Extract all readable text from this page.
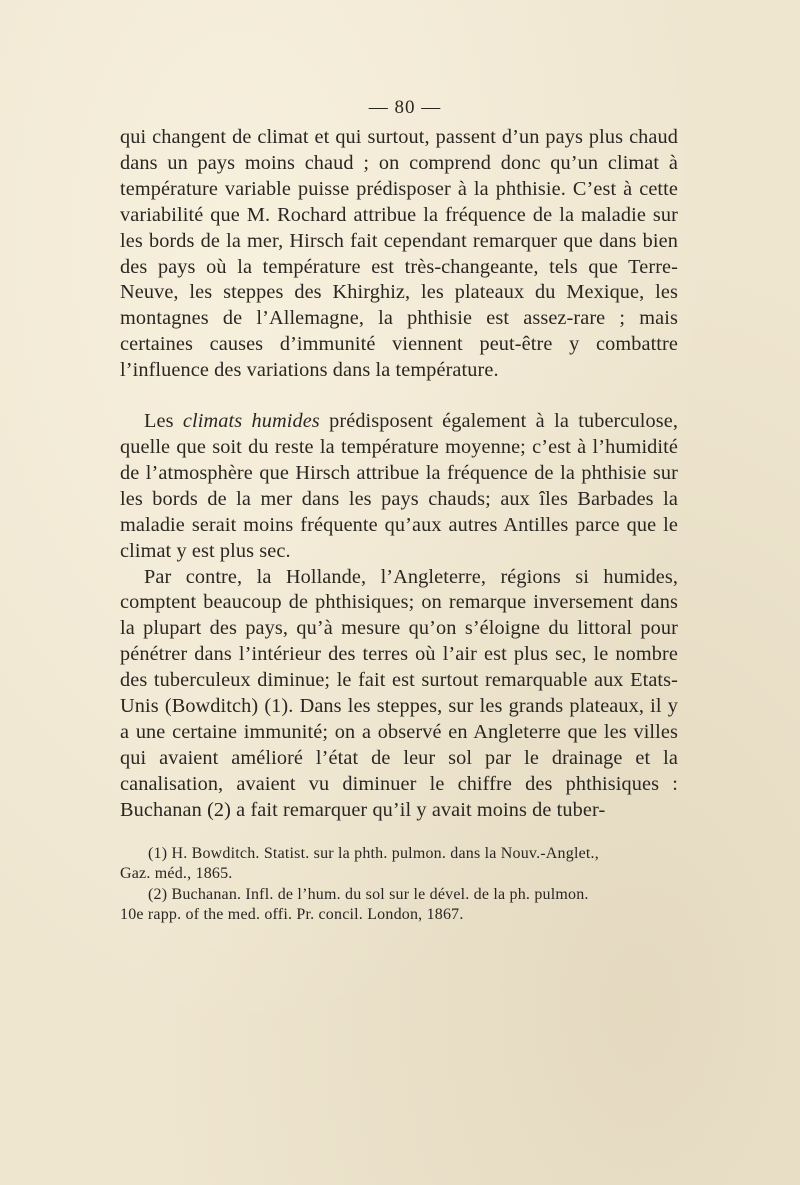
— 80 —

qui changent de climat et qui surtout, passent d’un pays plus chaud dans un pays moins chaud ; on comprend donc qu’un climat à température variable puisse prédisposer à la phthisie. C’est à cette variabilité que M. Rochard attribue la fréquence de la maladie sur les bords de la mer, Hirsch fait cependant remarquer que dans bien des pays où la température est très-changeante, tels que Terre-Neuve, les steppes des Khirghiz, les plateaux du Mexique, les montagnes de l’Allemagne, la phthisie est assez-rare ; mais certaines causes d’immunité viennent peut-être y combattre l’influence des variations dans la température.

Les climats humides prédisposent également à la tuberculose, quelle que soit du reste la température moyenne; c’est à l’humidité de l’atmosphère que Hirsch attribue la fréquence de la phthisie sur les bords de la mer dans les pays chauds; aux îles Barbades la maladie serait moins fréquente qu’aux autres Antilles parce que le climat y est plus sec.

Par contre, la Hollande, l’Angleterre, régions si humides, comptent beaucoup de phthisiques; on remarque inversement dans la plupart des pays, qu’à mesure qu’on s’éloigne du littoral pour pénétrer dans l’intérieur des terres où l’air est plus sec, le nombre des tuberculeux diminue; le fait est surtout remarquable aux Etats-Unis (Bowditch) (1). Dans les steppes, sur les grands plateaux, il y a une certaine immunité; on a observé en Angleterre que les villes qui avaient amélioré l’état de leur sol par le drainage et la canalisation, avaient vu diminuer le chiffre des phthisiques : Buchanan (2) a fait remarquer qu’il y avait moins de tuber-

(1) H. Bowditch. Statist. sur la phth. pulmon. dans la Nouv.-Anglet.,
Gaz. méd., 1865.

(2) Buchanan. Infl. de l’hum. du sol sur le dével. de la ph. pulmon.
10e rapp. of the med. offi. Pr. concil. London, 1867.
